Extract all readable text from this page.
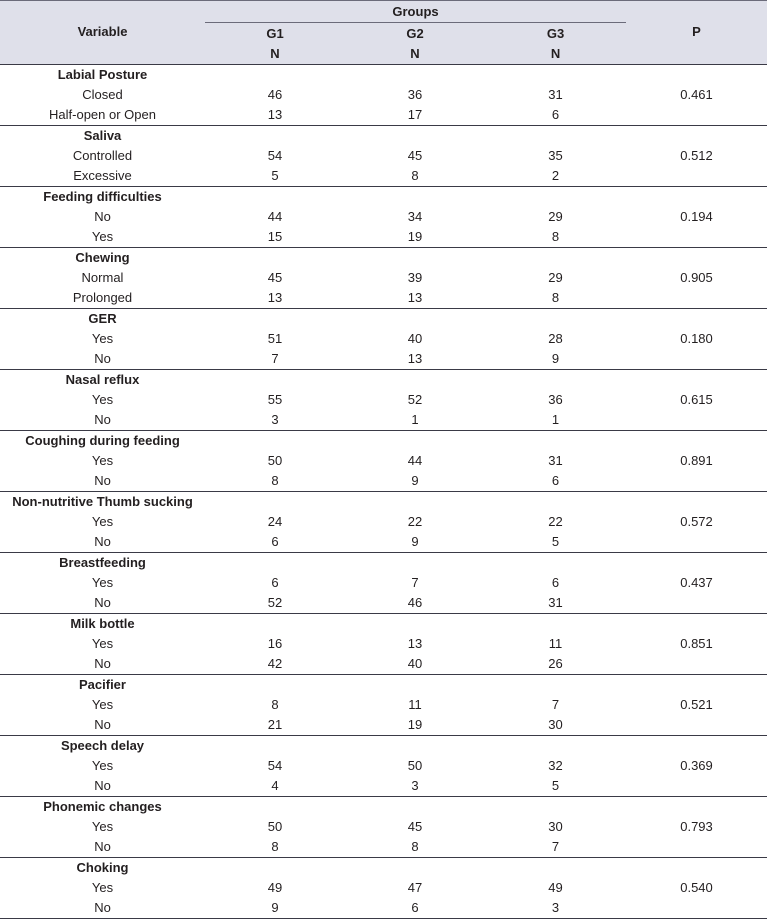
Variable	Groups			P
	G1	G2	G3	
	N	N	N	
Labial Posture				
Closed	46	36	31	0.461
Half-open or Open	13	17	6	
Saliva				
Controlled	54	45	35	0.512
Excessive	5	8	2	
Feeding difficulties				
No	44	34	29	0.194
Yes	15	19	8	
Chewing				
Normal	45	39	29	0.905
Prolonged	13	13	8	
GER				
Yes	51	40	28	0.180
No	7	13	9	
Nasal reflux				
Yes	55	52	36	0.615
No	3	1	1	
Coughing during feeding				
Yes	50	44	31	0.891
No	8	9	6	
Non-nutritive Thumb sucking				
Yes	24	22	22	0.572
No	6	9	5	
Breastfeeding				
Yes	6	7	6	0.437
No	52	46	31	
Milk bottle				
Yes	16	13	11	0.851
No	42	40	26	
Pacifier				
Yes	8	11	7	0.521
No	21	19	30	
Speech delay				
Yes	54	50	32	0.369
No	4	3	5	
Phonemic changes				
Yes	50	45	30	0.793
No	8	8	7	
Choking				
Yes	49	47	49	0.540
No	9	6	3	
